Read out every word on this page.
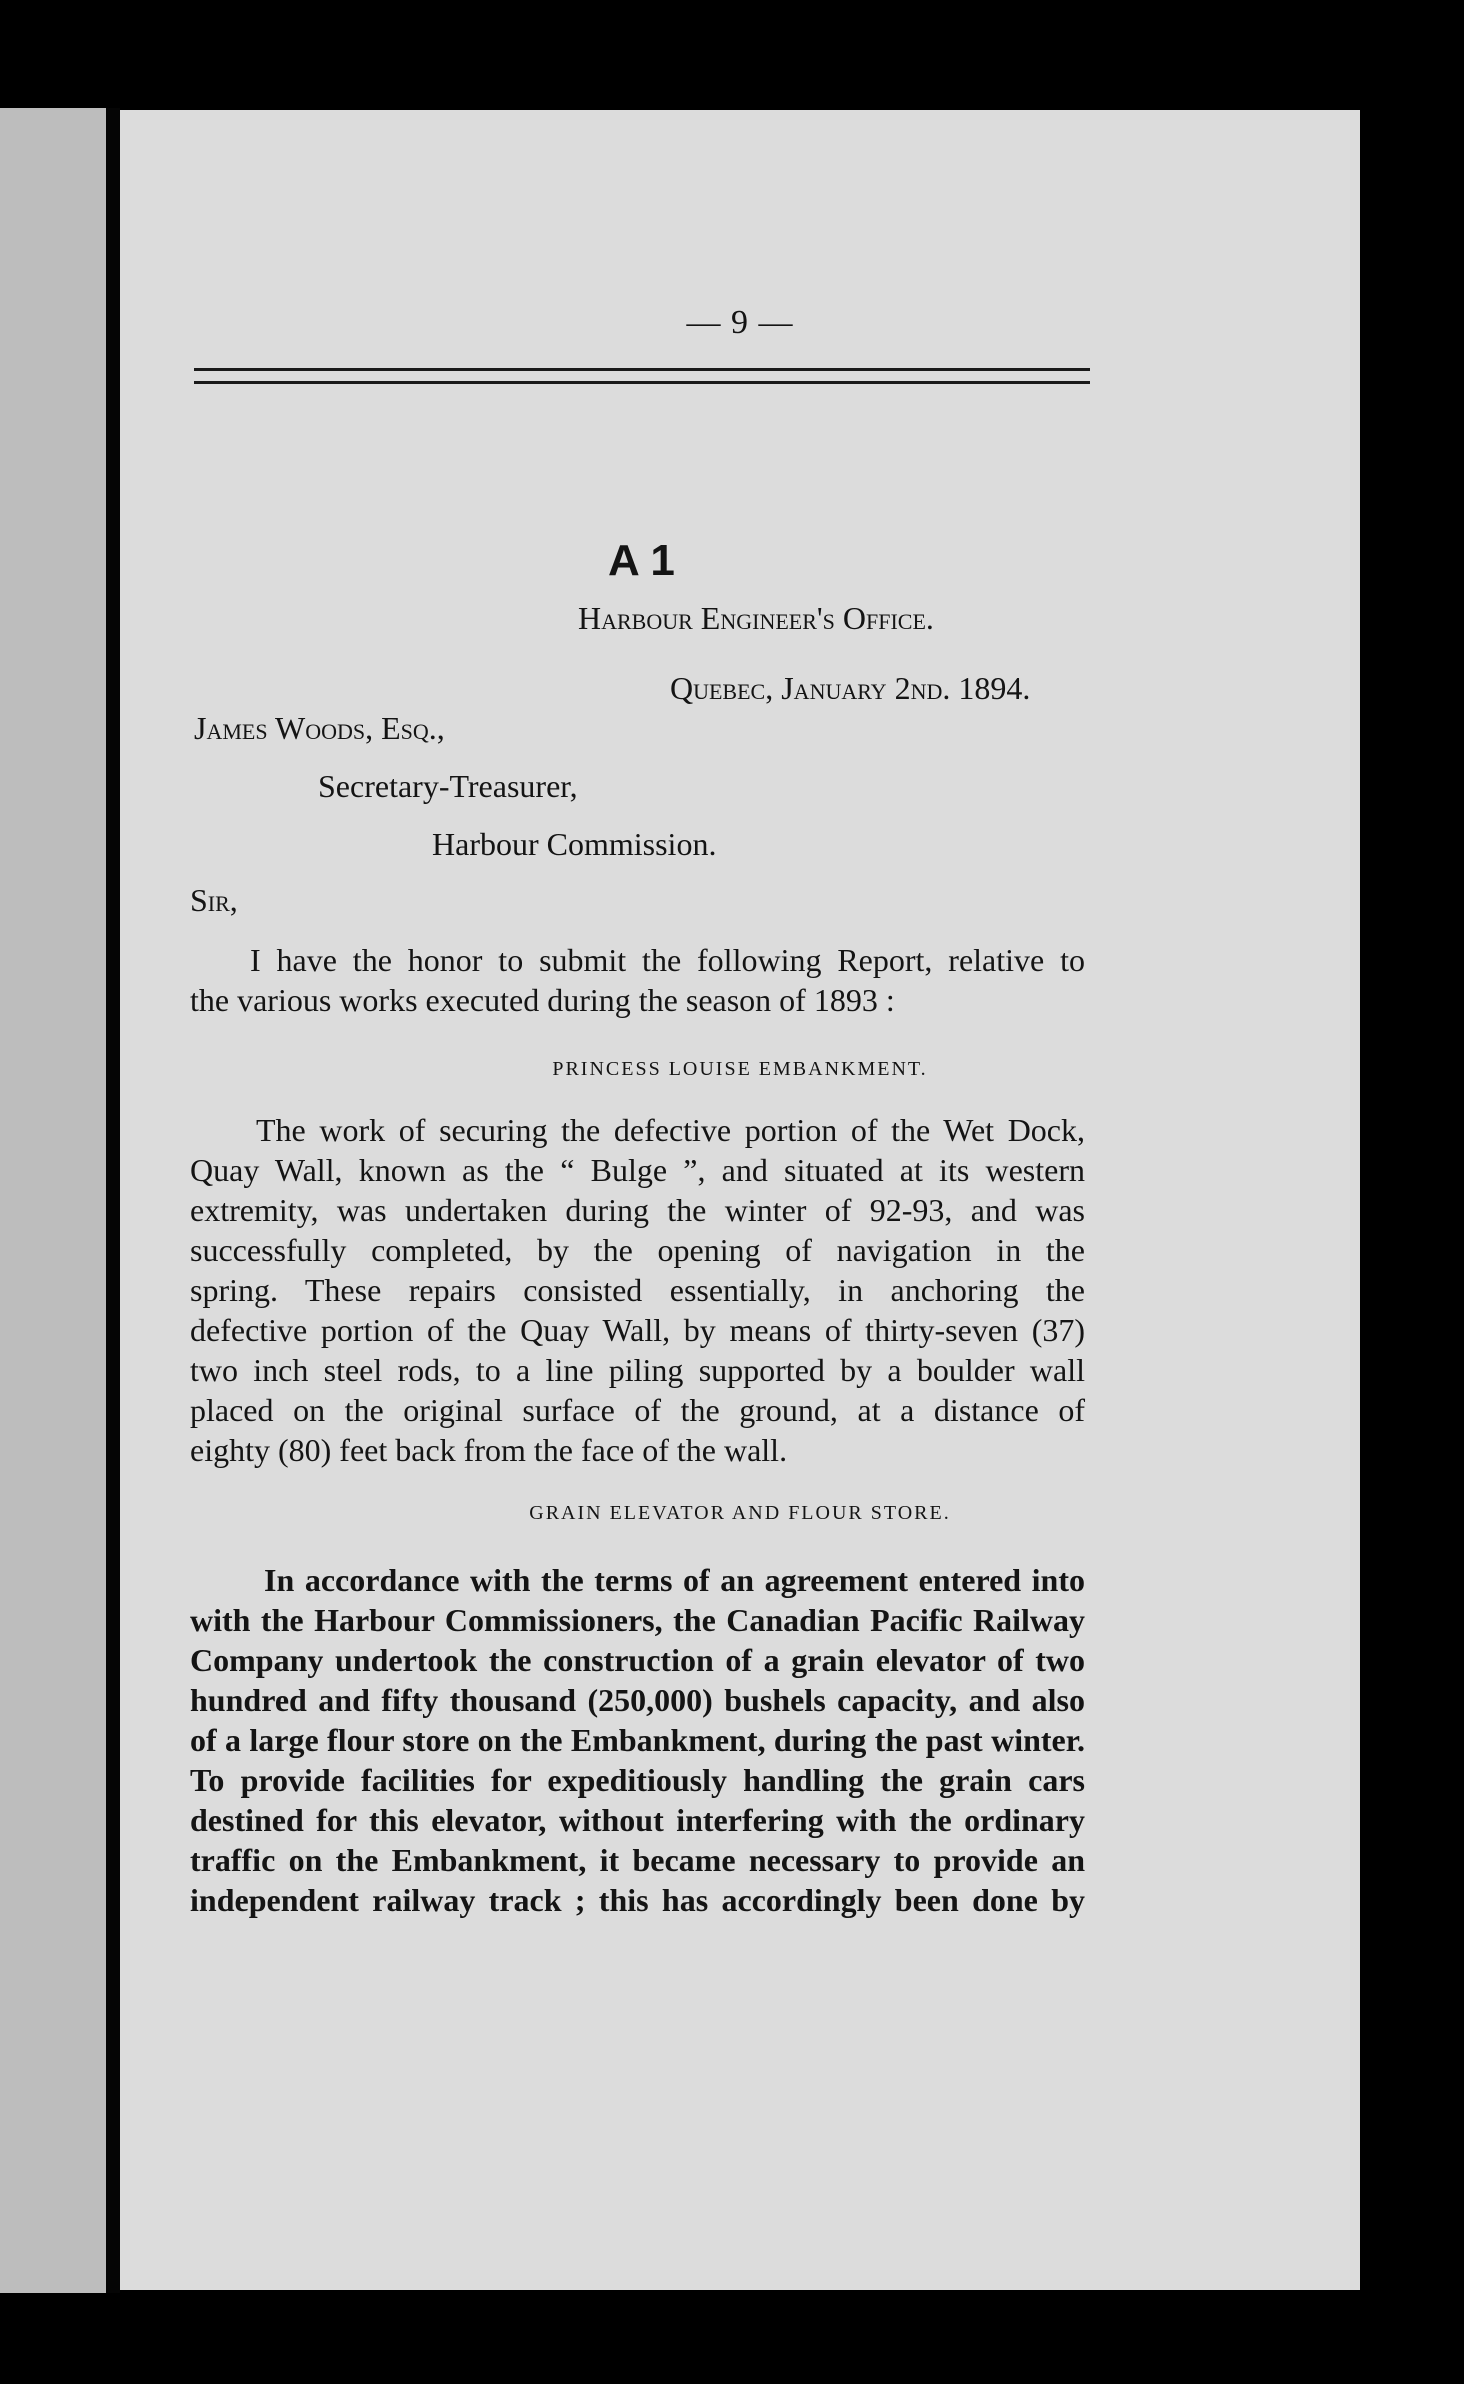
— 9 —
A 1
Harbour Engineer's Office.
Quebec, January 2nd. 1894.
James Woods, Esq.,
Secretary-Treasurer,
Harbour Commission.
Sir,
I have the honor to submit the following Report, relative to
the various works executed during the season of 1893 :
PRINCESS LOUISE EMBANKMENT.
The work of securing the defective portion of the Wet Dock,
Quay Wall, known as the “ Bulge ”, and situated at its western
extremity, was undertaken during the winter of 92-93, and was
successfully completed, by the opening of navigation in the
spring. These repairs consisted essentially, in anchoring the
defective portion of the Quay Wall, by means of thirty-seven (37)
two inch steel rods, to a line piling supported by a boulder wall
placed on the original surface of the ground, at a distance of
eighty (80) feet back from the face of the wall.
GRAIN ELEVATOR AND FLOUR STORE.
In accordance with the terms of an agreement entered into
with the Harbour Commissioners, the Canadian Pacific Railway
Company undertook the construction of a grain elevator of two
hundred and fifty thousand (250,000) bushels capacity, and also
of a large flour store on the Embankment, during the past winter.
To provide facilities for expeditiously handling the grain cars
destined for this elevator, without interfering with the ordinary
traffic on the Embankment, it became necessary to provide an
independent railway track ; this has accordingly been done by
